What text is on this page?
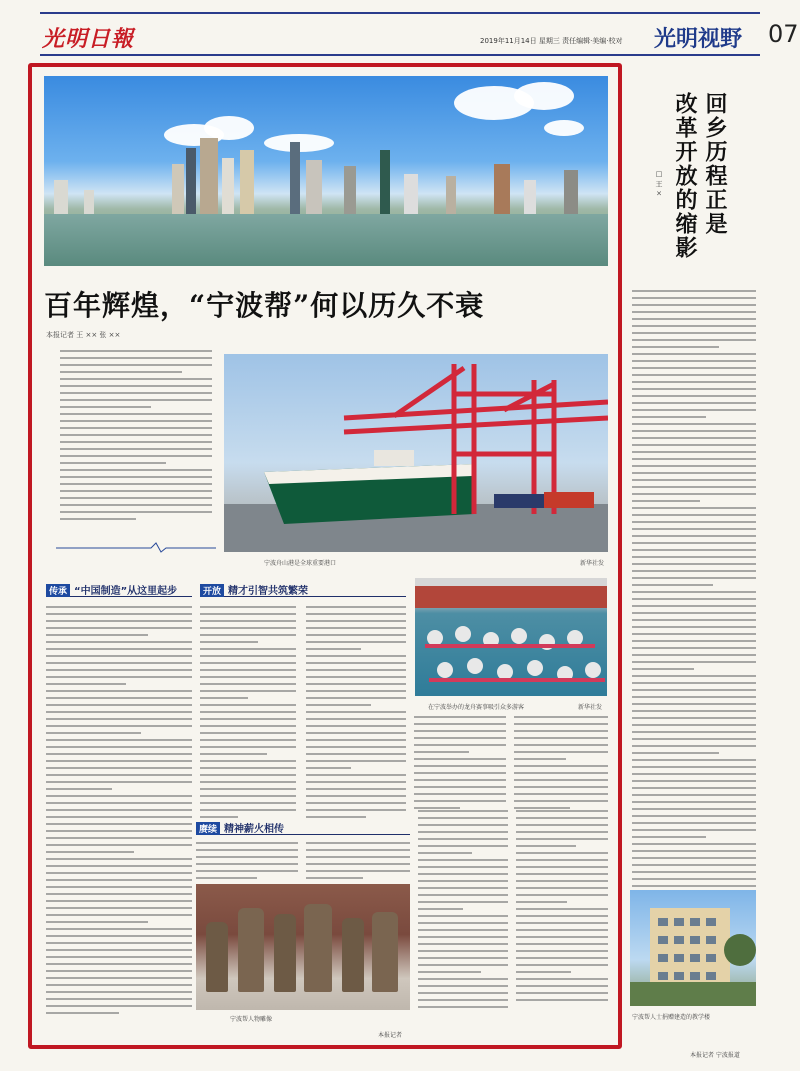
光明日報	2019年11月14日 星期三 责任编辑·美编·校对 光明视野 07
百年辉煌，“宁波帮”何以历久不衰
本报记者 王 ×× 张 ××
宁波舟山港是全球重要港口	新华社发
传承 “中国制造”从这里起步	开放 精才引智共筑繁荣
在宁波举办的龙舟赛事吸引众多游客	新华社发
赓续 精神薪火相传
宁波帮人物雕像
本报记者
回乡历程正是
改革开放的缩影
□ 王 ×
宁波帮人士捐赠建造的教学楼
本报记者 宁波报道
